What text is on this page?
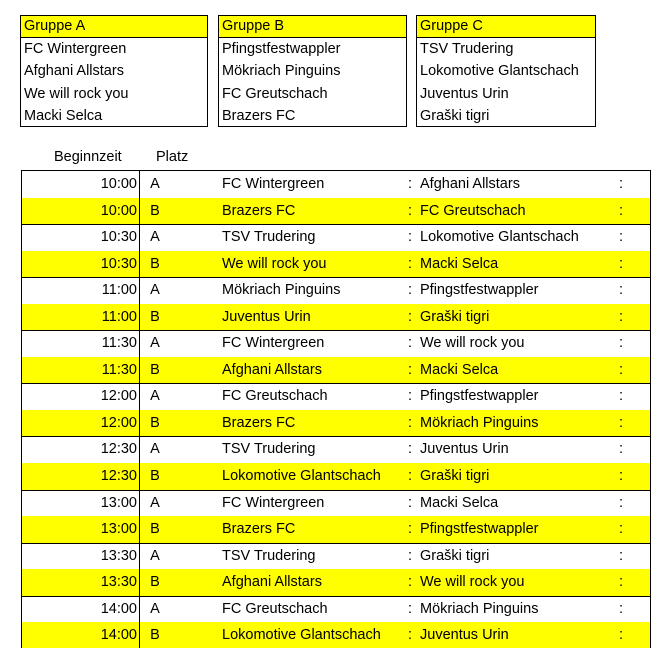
Gruppe A
FC Wintergreen
Afghani Allstars
We will rock you
Macki Selca
Gruppe B
Pfingstfestwappler
Mökriach Pinguins
FC Greutschach
Brazers FC
Gruppe C
TSV Trudering
Lokomotive Glantschach
Juventus Urin
Graški tigri
Beginnzeit Platz
10:00 A	FC Wintergreen	: Afghani Allstars	:
10:00 B	Brazers FC	: FC Greutschach	:
10:30 A	TSV Trudering	: Lokomotive Glantschach	:
10:30 B	We will rock you	: Macki Selca	:
11:00 A	Mökriach Pinguins	: Pfingstfestwappler	:
11:00 B	Juventus Urin	: Graški tigri	:
11:30 A	FC Wintergreen	: We will rock you	:
11:30 B	Afghani Allstars	: Macki Selca	:
12:00 A	FC Greutschach	: Pfingstfestwappler	:
12:00 B	Brazers FC	: Mökriach Pinguins	:
12:30 A	TSV Trudering	: Juventus Urin	:
12:30 B	Lokomotive Glantschach : Graški tigri	:
13:00 A	FC Wintergreen	: Macki Selca	:
13:00 B	Brazers FC	: Pfingstfestwappler	:
13:30 A	TSV Trudering	: Graški tigri	:
13:30 B	Afghani Allstars	: We will rock you	:
14:00 A	FC Greutschach	: Mökriach Pinguins	:
14:00 B	Lokomotive Glantschach : Juventus Urin	:
